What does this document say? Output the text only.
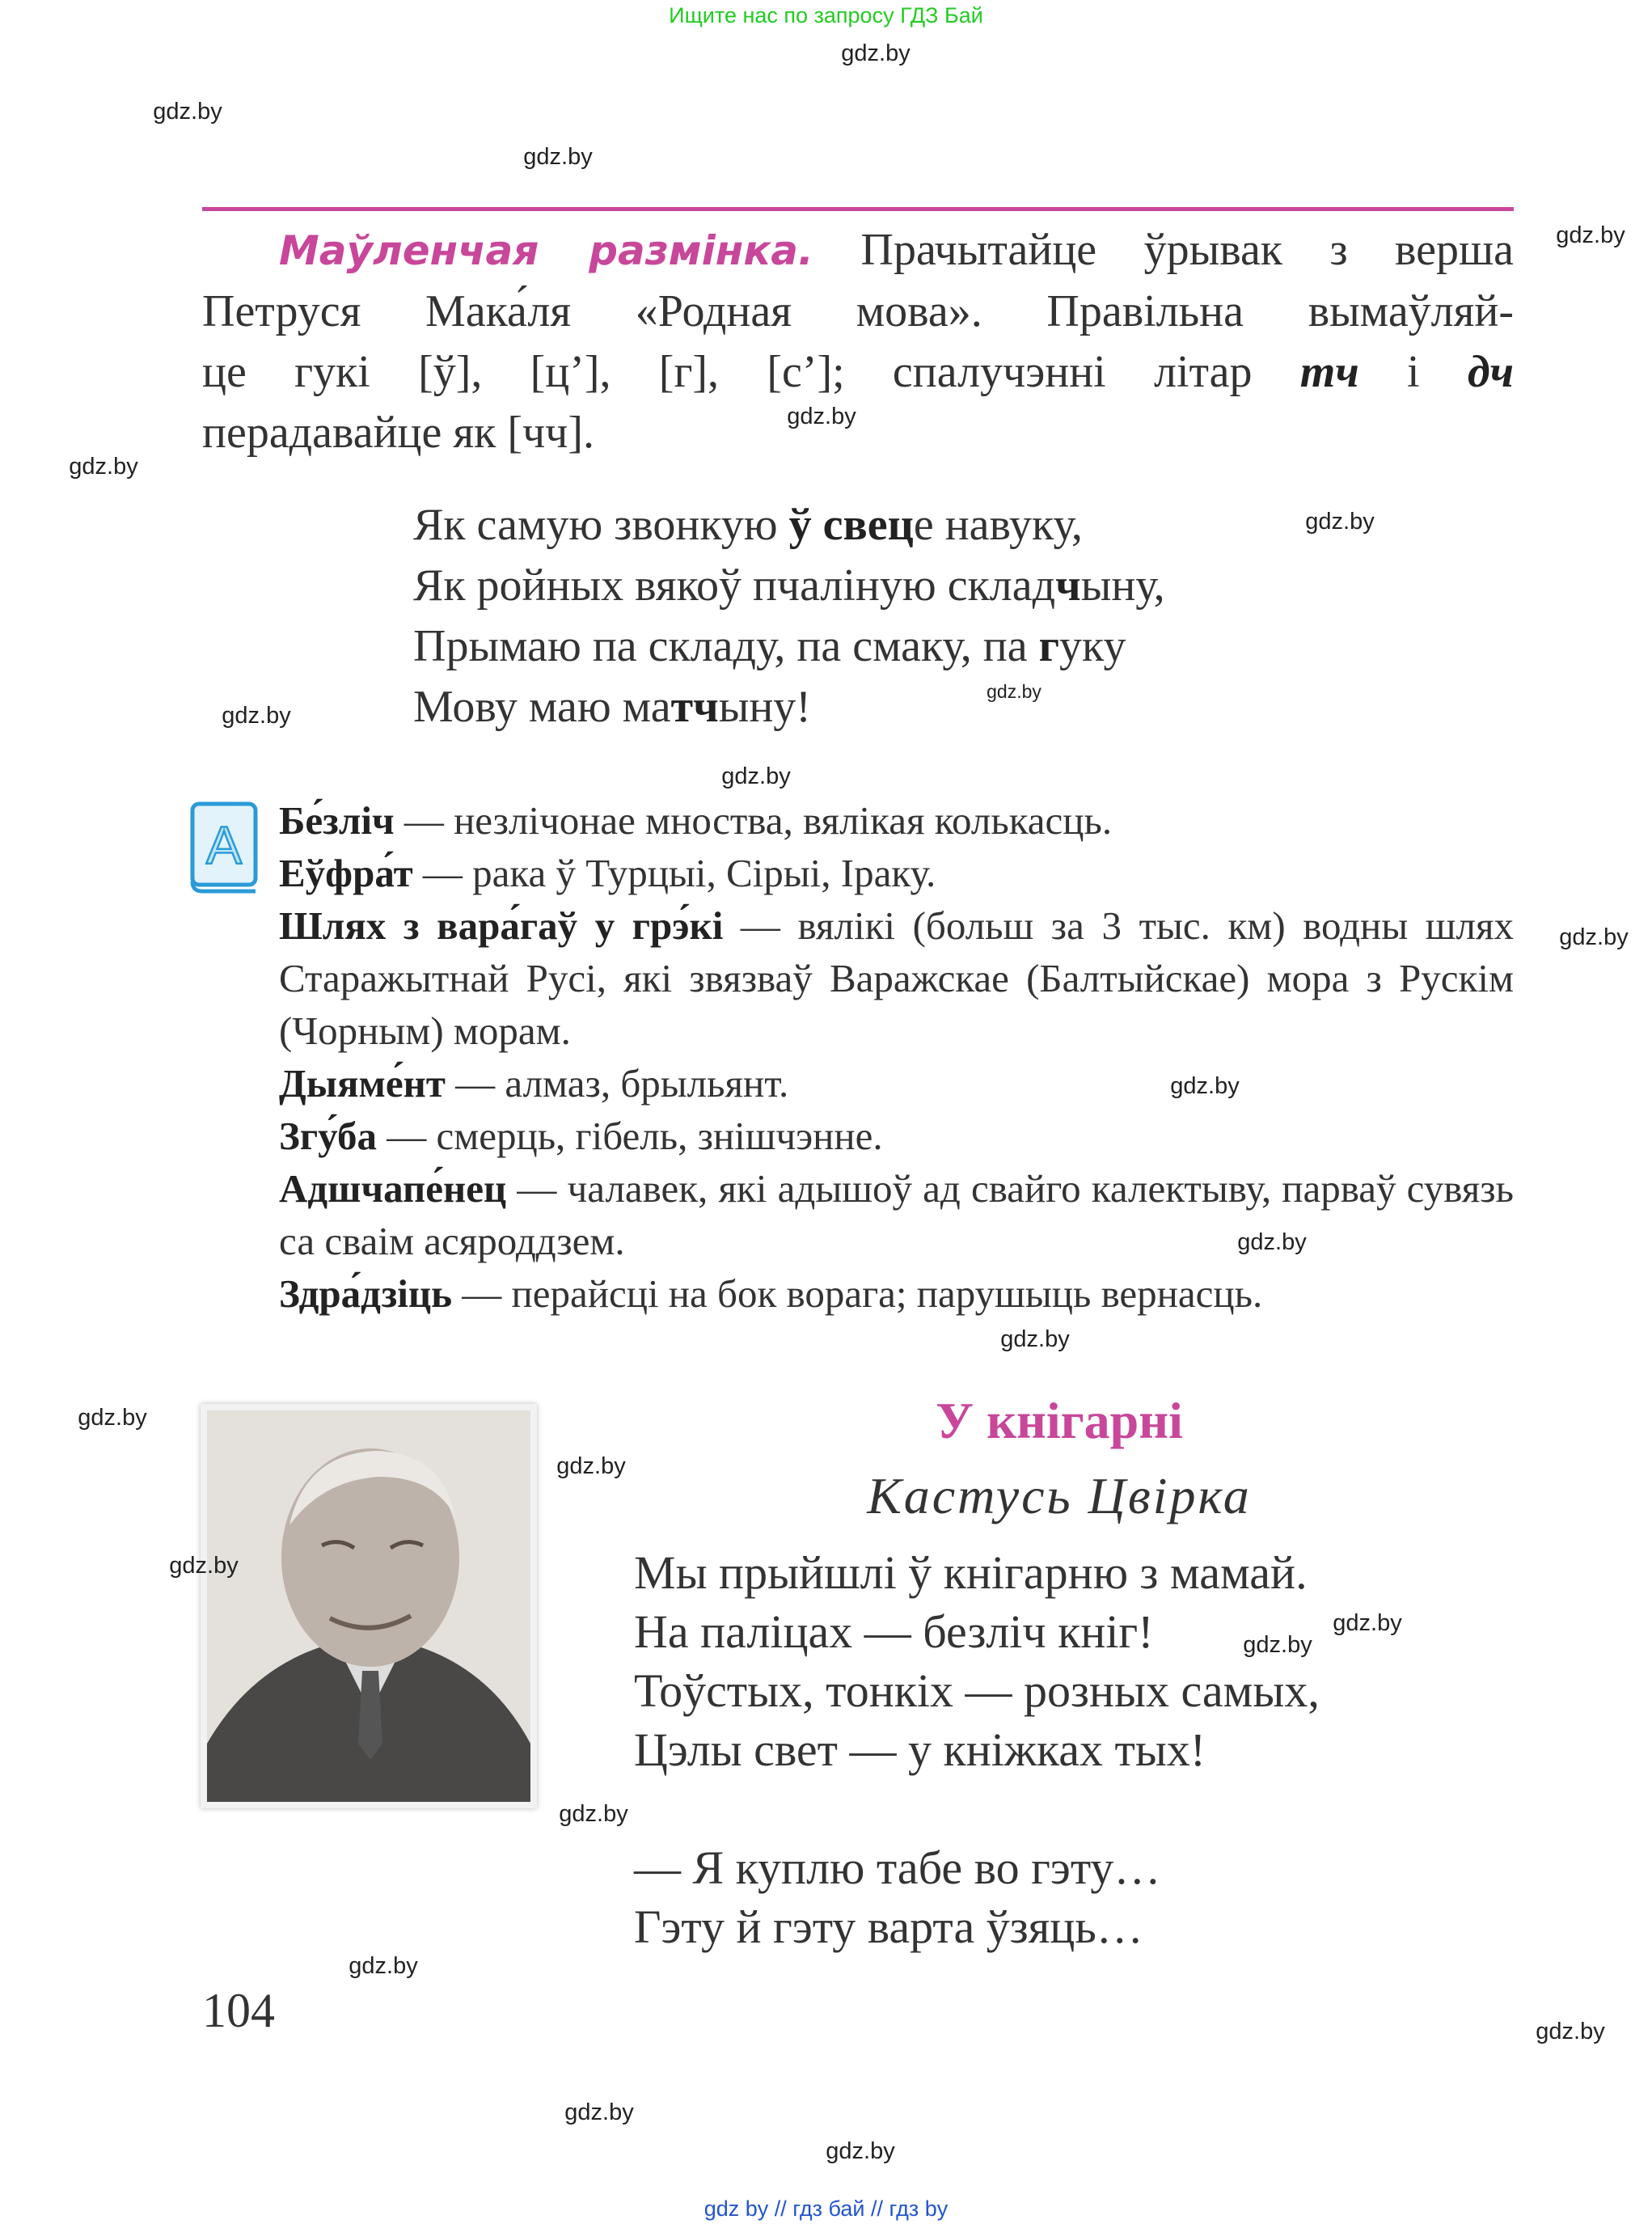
Ищите нас по запросу ГДЗ Бай
gdz.by
gdz.by
gdz.by
gdz.by
gdz.by
gdz.by
gdz.by
gdz.by
gdz.by
gdz.by
gdz.by
gdz.by
gdz.by
gdz.by
gdz.by
gdz.by
gdz.by
gdz.by
gdz.by
gdz.by
gdz.by
gdz.by
gdz.by
gdz.by
Маўленчая размінка. Прачытайце ўрывак з верша
Петруся Мака́ля «Родная мова». Правільна вымаўляй-
це гукі [ў], [ц’], [г], [с’]; спалучэнні літар тч і дч
перадавайце як [чч].
Як самую звонкую ў свеце навуку,
Як ройных вякоў пчаліную складчыну,
Прымаю па складу, па смаку, па гуку
Мову маю матчыну!
A Бе́зліч — незлічонае мноства, вялікая колькасць.
Еўфра́т — рака ў Турцыі, Сірыі, Іраку.
Шлях з вара́гаў у грэ́кі — вялікі (больш за 3 тыс. км) водны шлях Старажытнай Русі, які звязваў Варажскае (Балтыйскае) мора з Рускім (Чорным) морам.
Дыяме́нт — алмаз, брыльянт.
Згу́ба — смерць, гібель, знішчэнне.
Адшчапе́нец — чалавек, які адышоў ад свайго калектыву, парваў сувязь са сваім асяроддзем.
Здра́дзіць — перайсці на бок ворага; парушыць вернасць.
У кнігарні
Кастусь Цвірка
Мы прыйшлі ў кнігарню з мамай.
На паліцах — безліч кніг!
Тоўстых, тонкіх — розных самых,
Цэлы свет — у кніжках тых!
— Я куплю табе во гэту…
Гэту й гэту варта ўзяць…
104
gdz by // гдз бай // гдз by
